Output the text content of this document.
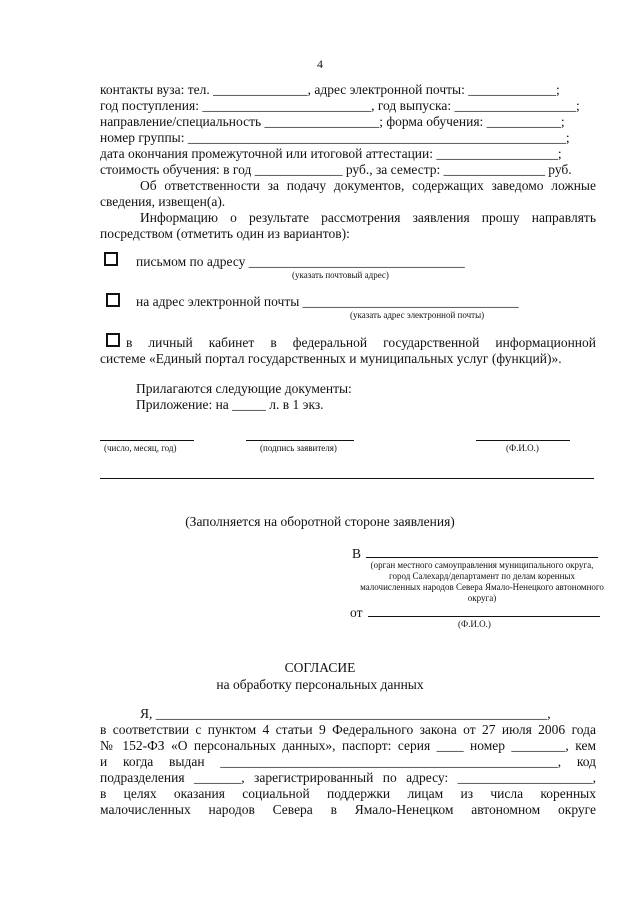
4
контакты вуза: тел. ______________, адрес электронной почты: _____________;
год поступления: _________________________, год выпуска: __________________;
направление/специальность _________________; форма обучения: ___________;
номер группы: ________________________________________________________;
дата окончания промежуточной или итоговой аттестации: __________________;
стоимость обучения: в год _____________ руб., за семестр: _______________ руб.
Об ответственности за подачу документов, содержащих заведомо ложные
сведения, извещен(а).
Информацию о результате рассмотрения заявления прошу направлять
посредством (отметить один из вариантов):
письмом по адресу ________________________________
(указать почтовый адрес)
на адрес электронной почты ________________________________
(указать адрес электронной почты)
в личный кабинет в федеральной государственной информационной
системе «Единый портал государственных и муниципальных услуг (функций)».
Прилагаются следующие документы:
Приложение: на _____ л. в 1 экз.
(число, месяц, год)	(подпись заявителя)	(Ф.И.О.)
(Заполняется на оборотной стороне заявления)
В
(орган местного самоуправления муниципального округа, город Салехард/департамент по делам коренных малочисленных народов Севера Ямало-Ненецкого автономного округа)
от
(Ф.И.О.)
СОГЛАСИЕ
на обработку персональных данных
Я, __________________________________________________________,
в соответствии с пунктом 4 статьи 9 Федерального закона от 27 июля 2006 года
№ 152-ФЗ «О персональных данных», паспорт: серия ____ номер ________, кем
и когда выдан __________________________________________________, код
подразделения _______, зарегистрированный по адресу: ____________________,
в целях оказания социальной поддержки лицам из числа коренных
малочисленных народов Севера в Ямало-Ненецком автономном округе
